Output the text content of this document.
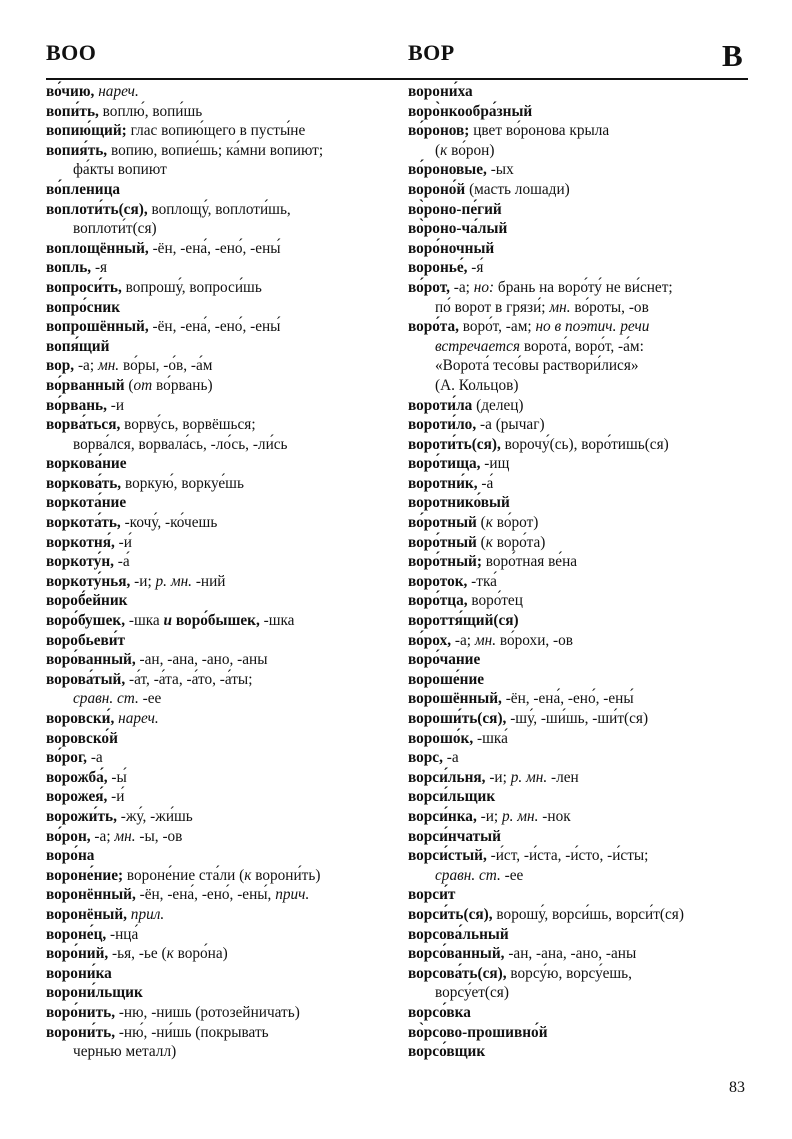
ВОО	ВОР	В
во́чию, нареч.
вопи́ть, воплю́, вопи́шь
вопию́щий; глас вопию́щего в пусты́не
вопия́ть, вопию, вопие́шь; ка́мни вопиют;
фа́кты вопиют
во́пленица
воплоти́ть(ся), воплощу́, воплоти́шь,
воплоти́т(ся)
воплощённый, -ён, -ена́, -ено́, -ены́
вопль, -я
вопроси́ть, вопрошу́, вопроси́шь
вопро́сник
вопрошённый, -ён, -ена́, -ено́, -ены́
вопя́щий
вор, -а; мн. во́ры, -о́в, -а́м
во́рванный (от во́рвань)
во́рвань, -и
ворва́ться, ворву́сь, ворвёшься;
ворва́лся, ворвала́сь, -ло́сь, -ли́сь
воркова́ние
воркова́ть, воркую́, воркуе́шь
воркота́ние
воркота́ть, -кочу́, -ко́чешь
воркотня́, -и́
воркоту́н, -а́
воркоту́нья, -и; р. мн. -ний
вороб́ейник
воро́бушек, -шка и воро́бышек, -шка
воробьеви́т
воро́ванный, -ан, -ана, -ано, -аны
ворова́тый, -а́т, -а́та, -а́то, -а́ты;
сравн. ст. -ее
воровски́, нареч.
воровско́й
во́рог, -а
ворожба́, -ы́
ворожея́, -и́
ворожи́ть, -жу́, -жи́шь
во́рон, -а; мн. -ы, -ов
воро́на
вороне́ние; вороне́ние ста́ли (к ворони́ть)
воронённый, -ён, -ена́, -ено́, -ены́, прич.
воронёный, прил.
вороне́ц, -нца́
воро́ний, -ья, -ье (к воро́на)
ворони́ка
ворони́льщик
воро́нить, -ню, -нишь (ротозейничать)
ворони́ть, -ню́, -ни́шь (покрывать
чернью металл)
ворони́ха
воро̀нкообра́зный
во́ронов; цвет во́ронова крыла
(к во́рон)
во́роновые, -ых
вороно́й (масть лошади)
во̀роно-пе́гий
во̀роно-ча́лый
воро́ночный
воронье́, -я́
во́рот, -а; но: брань на воро́ту́ не ви́снет;
по́ ворот в грязи́; мн. во́роты, -ов
воро́та, воро́т, -ам; но в поэтич. речи
встречается ворота́, воро́т, -а́м:
«Ворота́ тесо́вы раствори́лися»
(А. Кольцов)
вороти́ла (делец)
вороти́ло, -а (рычаг)
вороти́ть(ся), ворочу́(сь), воро́тишь(ся)
воро́тища, -ищ
воротни́к, -а́
воротнико́вый
во́ротный (к во́рот)
воро́тный (к воро́та)
воро́тный; воро́тная ве́на
вороток, -тка́
воро́тца, воро́тец
вороття́щий(ся)
во́рох, -а; мн. во́рохи, -ов
воро́чание
вороше́ние
ворошённый, -ён, -ена́, -ено́, -ены́
вороши́ть(ся), -шу́, -ши́шь, -ши́т(ся)
ворошо́к, -шка́
ворс, -а
ворси́льня, -и; р. мн. -лен
ворси́льщик
ворси́нка, -и; р. мн. -нок
ворси́нчатый
ворси́стый, -и́ст, -и́ста, -и́сто, -и́сты;
сравн. ст. -ее
ворси́т
ворси́ть(ся), ворошу́, ворси́шь, ворси́т(ся)
ворсова́льный
ворсо́ванный, -ан, -ана, -ано, -аны
ворсова́ть(ся), ворсу́ю, ворсу́ешь,
ворсу́ет(ся)
ворсо́вка
во̀рсово-прошивно́й
ворсо́вщик
83
